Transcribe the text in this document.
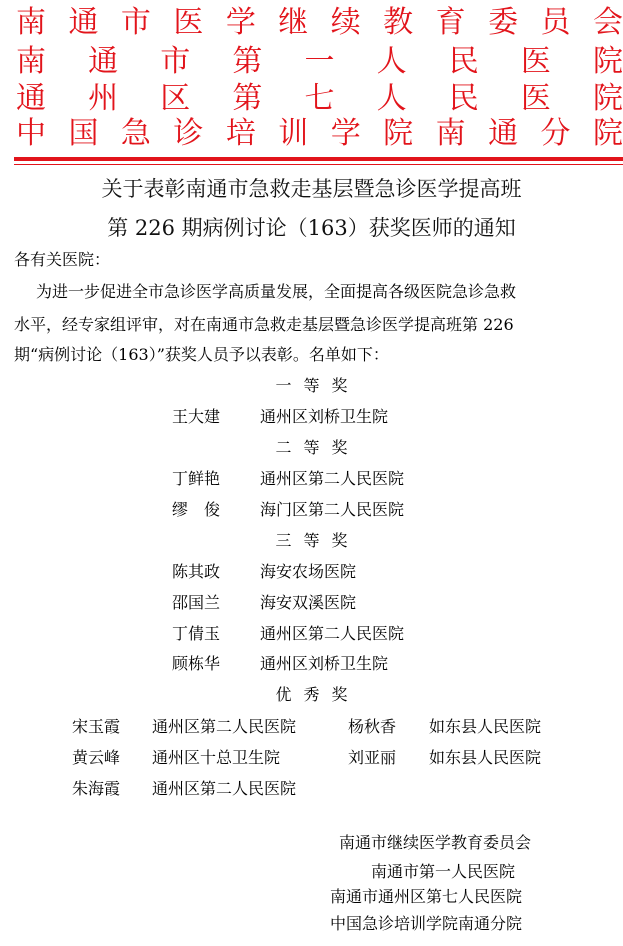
南 通 市 医 学 继 续 教 育 委 员 会
南 通 市 第 一 人 民 医 院
通 州 区 第 七 人 民 医 院
中 国 急 诊 培 训 学 院 南 通 分 院
关于表彰南通市急救走基层暨急诊医学提高班
第 226 期病例讨论（163）获奖医师的通知
各有关医院：
为进一步促进全市急诊医学高质量发展，全面提高各级医院急诊急救
水平，经专家组评审，对在南通市急救走基层暨急诊医学提高班第 226
期“病例讨论（163）”获奖人员予以表彰。名单如下：
一等奖
王大建 通州区刘桥卫生院
二等奖
丁鲜艳 通州区第二人民医院
缪　俊 海门区第二人民医院
三等奖
陈其政 海安农场医院
邵国兰 海安双溪医院
丁倩玉 通州区第二人民医院
顾栋华 通州区刘桥卫生院
优秀奖
宋玉霞 通州区第二人民医院	杨秋香 如东县人民医院
黄云峰 通州区十总卫生院	刘亚丽 如东县人民医院
朱海霞 通州区第二人民医院
南通市继续医学教育委员会
南通市第一人民医院
南通市通州区第七人民医院
中国急诊培训学院南通分院
